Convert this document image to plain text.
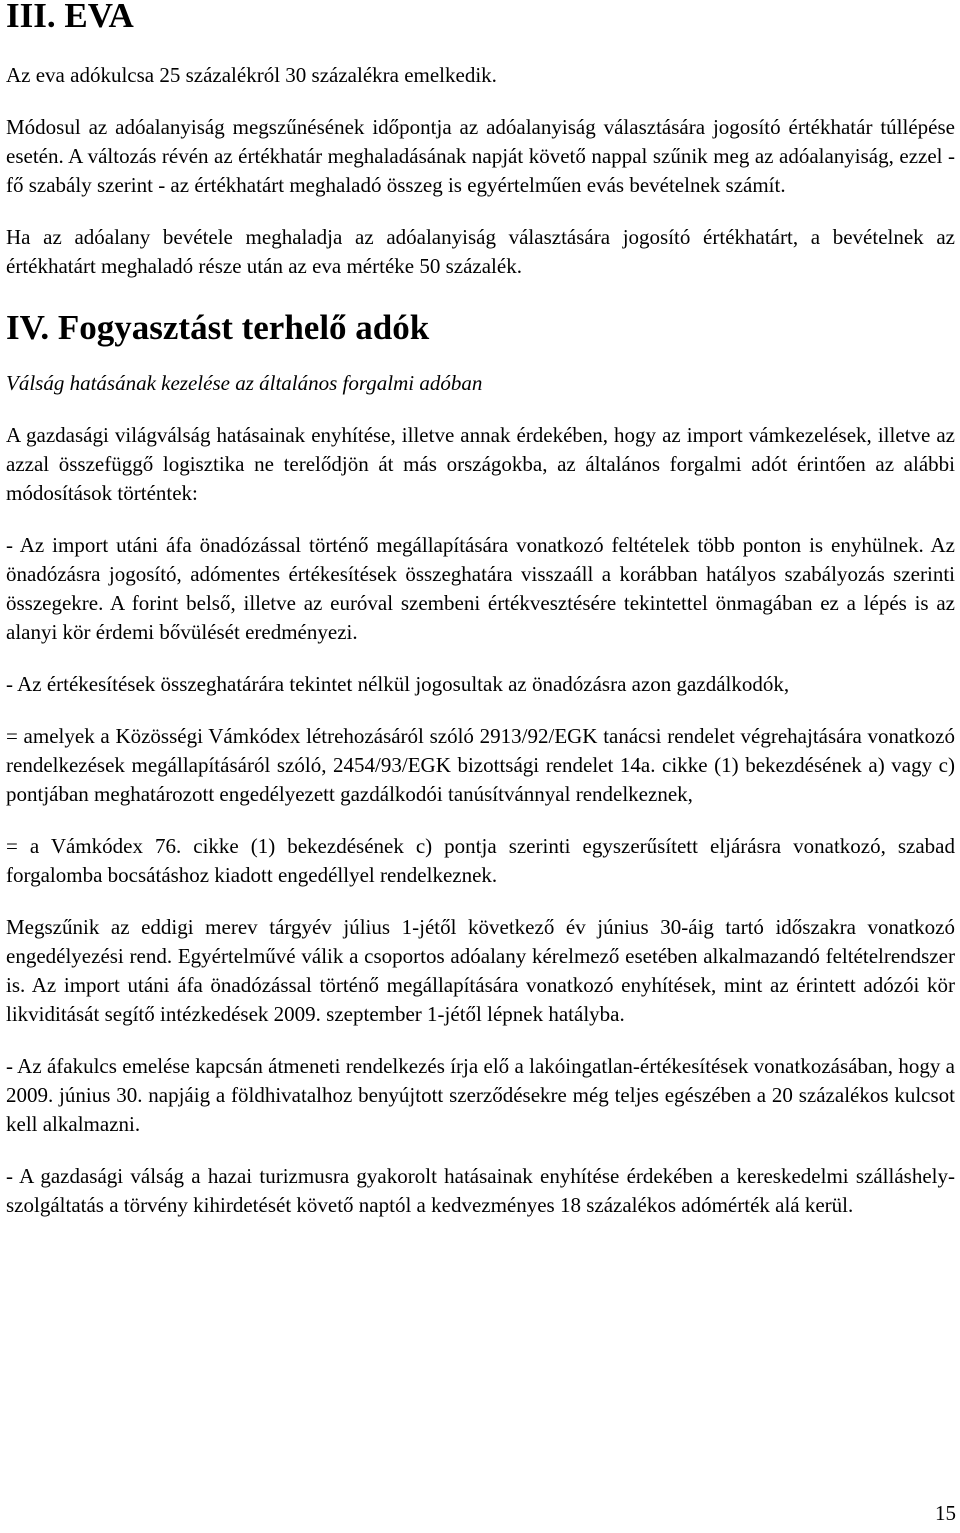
III. EVA

Az eva adókulcsa 25 százalékról 30 százalékra emelkedik.

Módosul az adóalanyiság megszűnésének időpontja az adóalanyiság választására jogosító értékhatár túllépése esetén. A változás révén az értékhatár meghaladásának napját követő nappal szűnik meg az adóalanyiság, ezzel - fő szabály szerint - az értékhatárt meghaladó összeg is egyértelműen evás bevételnek számít.

Ha az adóalany bevétele meghaladja az adóalanyiság választására jogosító értékhatárt, a bevételnek az értékhatárt meghaladó része után az eva mértéke 50 százalék.

IV. Fogyasztást terhelő adók

Válság hatásának kezelése az általános forgalmi adóban

A gazdasági világválság hatásainak enyhítése, illetve annak érdekében, hogy az import vámkezelések, illetve az azzal összefüggő logisztika ne terelődjön át más országokba, az általános forgalmi adót érintően az alábbi módosítások történtek:

- Az import utáni áfa önadózással történő megállapítására vonatkozó feltételek több ponton is enyhülnek. Az önadózásra jogosító, adómentes értékesítések összeghatára visszaáll a korábban hatályos szabályozás szerinti összegekre. A forint belső, illetve az euróval szembeni értékvesztésére tekintettel önmagában ez a lépés is az alanyi kör érdemi bővülését eredményezi.

- Az értékesítések összeghatárára tekintet nélkül jogosultak az önadózásra azon gazdálkodók,

= amelyek a Közösségi Vámkódex létrehozásáról szóló 2913/92/EGK tanácsi rendelet végrehajtására vonatkozó rendelkezések megállapításáról szóló, 2454/93/EGK bizottsági rendelet 14a. cikke (1) bekezdésének a) vagy c) pontjában meghatározott engedélyezett gazdálkodói tanúsítvánnyal rendelkeznek,

= a Vámkódex 76. cikke (1) bekezdésének c) pontja szerinti egyszerűsített eljárásra vonatkozó, szabad forgalomba bocsátáshoz kiadott engedéllyel rendelkeznek.

Megszűnik az eddigi merev tárgyév július 1-jétől következő év június 30-áig tartó időszakra vonatkozó engedélyezési rend. Egyértelművé válik a csoportos adóalany kérelmező esetében alkalmazandó feltételrendszer is. Az import utáni áfa önadózással történő megállapítására vonatkozó enyhítések, mint az érintett adózói kör likviditását segítő intézkedések 2009. szeptember 1-jétől lépnek hatályba.

- Az áfakulcs emelése kapcsán átmeneti rendelkezés írja elő a lakóingatlan-értékesítések vonatkozásában, hogy a 2009. június 30. napjáig a földhivatalhoz benyújtott szerződésekre még teljes egészében a 20 százalékos kulcsot kell alkalmazni.

- A gazdasági válság a hazai turizmusra gyakorolt hatásainak enyhítése érdekében a kereskedelmi szálláshely-szolgáltatás a törvény kihirdetését követő naptól a kedvezményes 18 százalékos adómérték alá kerül.

15
